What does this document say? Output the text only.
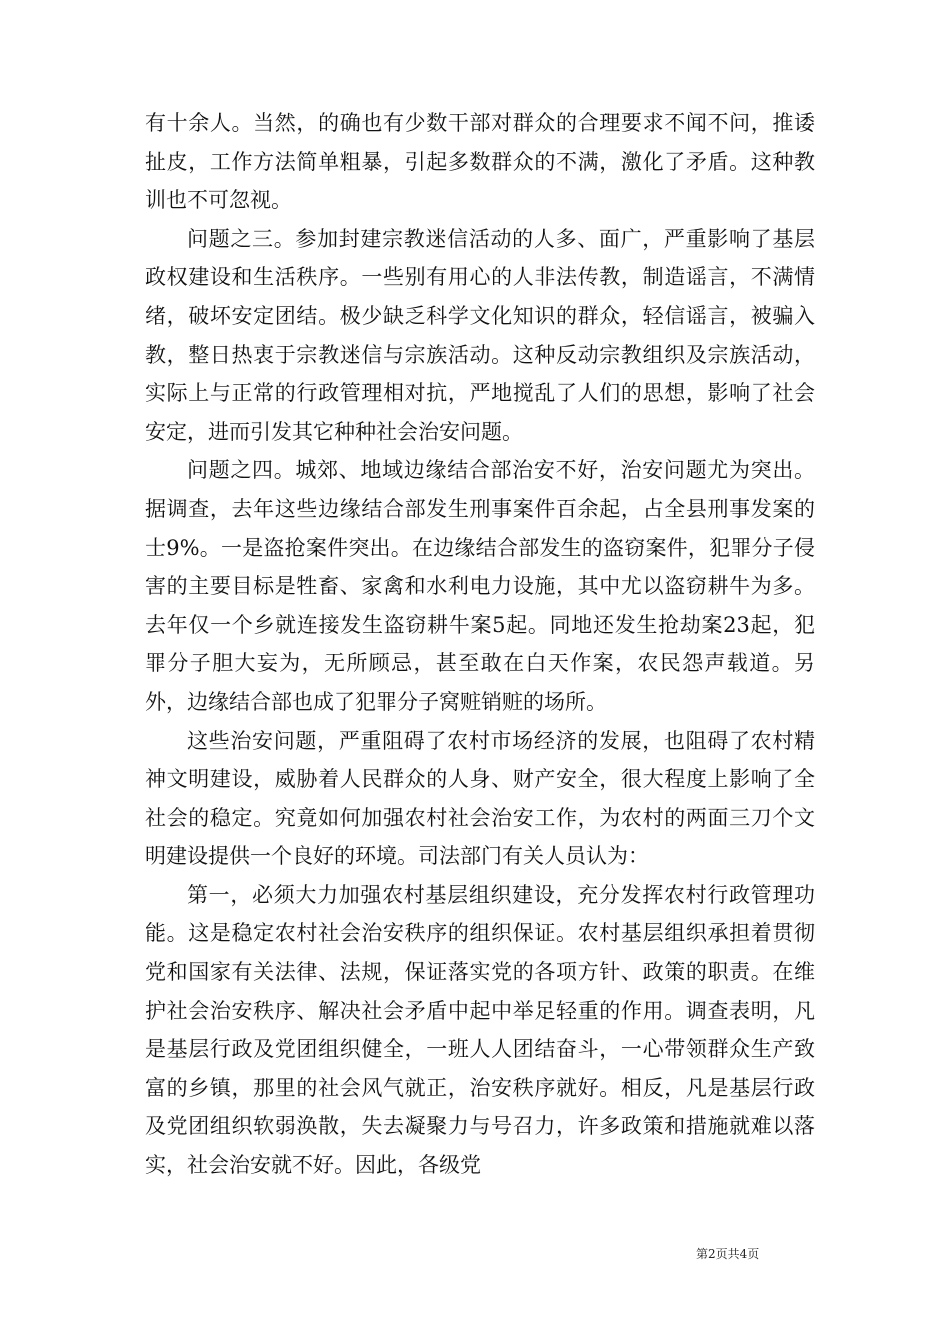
有十余人。当然，的确也有少数干部对群众的合理要求不闻不问，推诿扯皮，工作方法简单粗暴，引起多数群众的不满，激化了矛盾。这种教训也不可忽视。

问题之三。参加封建宗教迷信活动的人多、面广，严重影响了基层政权建设和生活秩序。一些别有用心的人非法传教，制造谣言，不满情绪，破坏安定团结。极少缺乏科学文化知识的群众，轻信谣言，被骗入教，整日热衷于宗教迷信与宗族活动。这种反动宗教组织及宗族活动，实际上与正常的行政管理相对抗，严地搅乱了人们的思想，影响了社会安定，进而引发其它种种社会治安问题。

问题之四。城郊、地域边缘结合部治安不好，治安问题尤为突出。据调查，去年这些边缘结合部发生刑事案件百余起，占全县刑事发案的士9%。一是盗抢案件突出。在边缘结合部发生的盗窃案件，犯罪分子侵害的主要目标是牲畜、家禽和水利电力设施，其中尤以盗窃耕牛为多。去年仅一个乡就连接发生盗窃耕牛案5起。同地还发生抢劫案23起，犯罪分子胆大妄为，无所顾忌，甚至敢在白天作案，农民怨声载道。另外，边缘结合部也成了犯罪分子窝赃销赃的场所。

这些治安问题，严重阻碍了农村市场经济的发展，也阻碍了农村精神文明建设，威胁着人民群众的人身、财产安全，很大程度上影响了全社会的稳定。究竟如何加强农村社会治安工作，为农村的两面三刀个文明建设提供一个良好的环境。司法部门有关人员认为：

第一，必须大力加强农村基层组织建设，充分发挥农村行政管理功能。这是稳定农村社会治安秩序的组织保证。农村基层组织承担着贯彻党和国家有关法律、法规，保证落实党的各项方针、政策的职责。在维护社会治安秩序、解决社会矛盾中起中举足轻重的作用。调查表明，凡是基层行政及党团组织健全，一班人人团结奋斗，一心带领群众生产致富的乡镇，那里的社会风气就正，治安秩序就好。相反，凡是基层行政及党团组织软弱涣散，失去凝聚力与号召力，许多政策和措施就难以落实，社会治安就不好。因此，各级党

第2页共4页
